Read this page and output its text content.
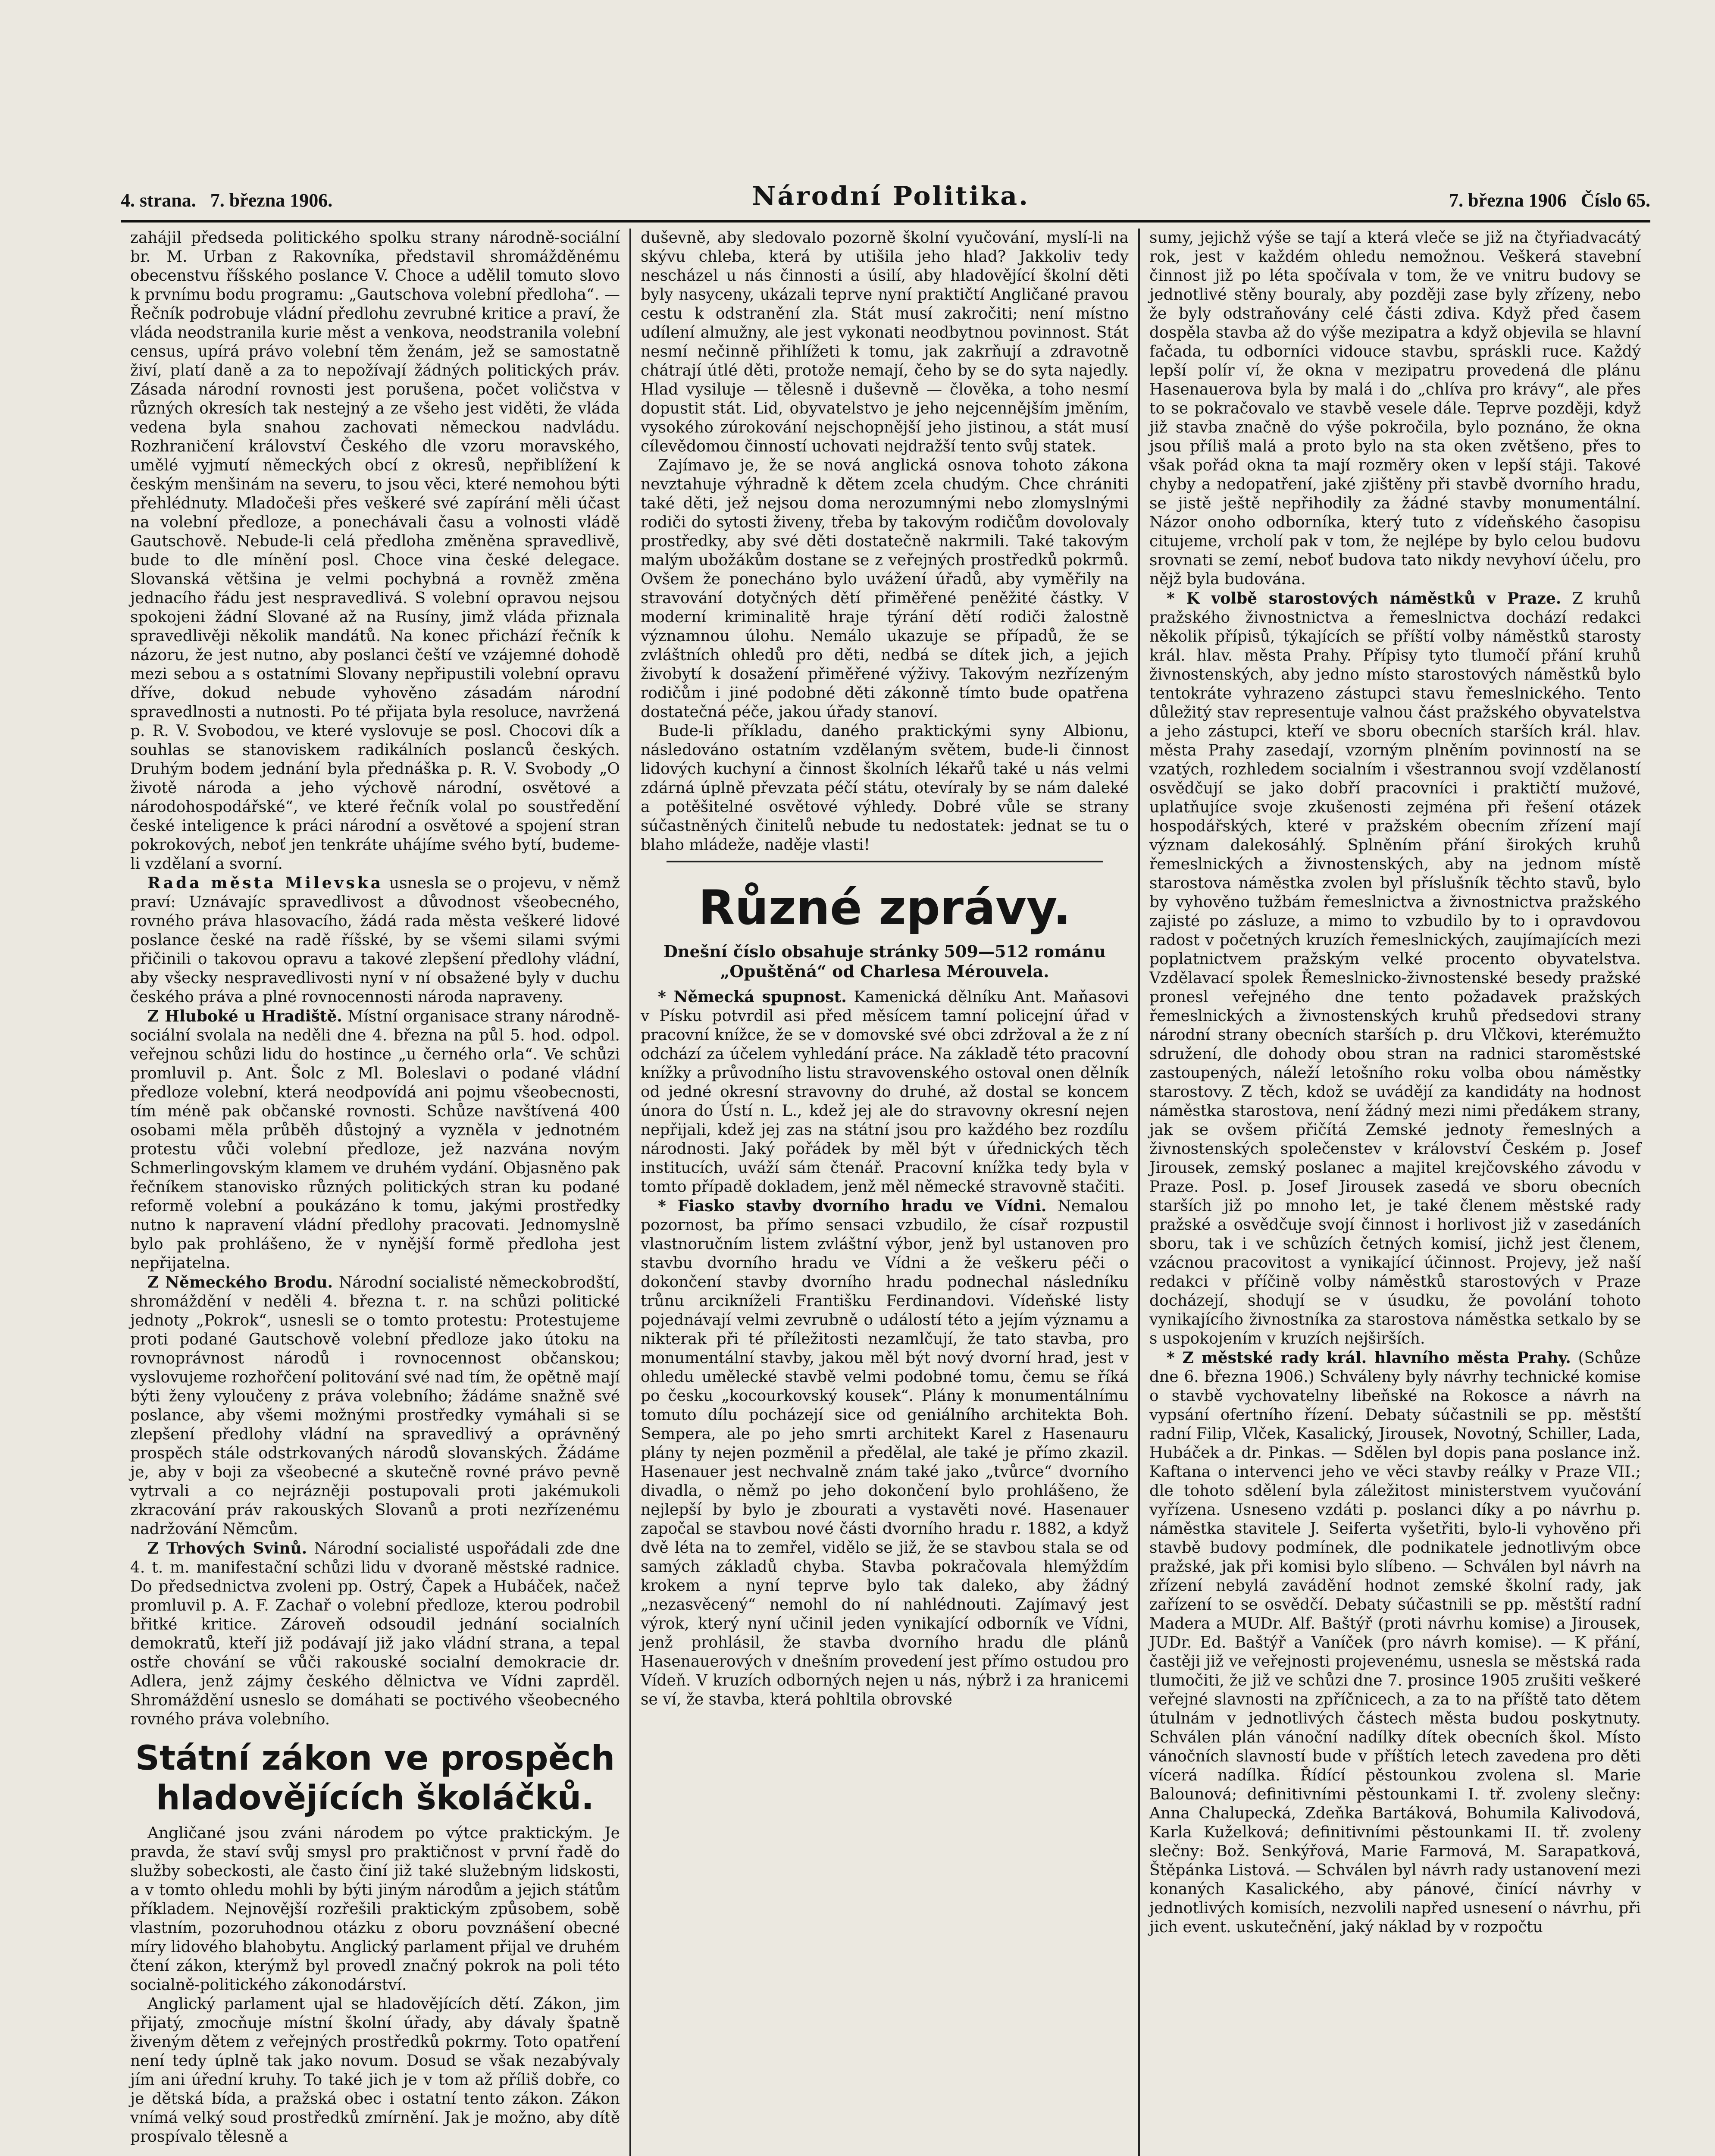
4. strana. 7. března 1906.	Národní Politika.	7. března 1906 Číslo 65.

zahájil předseda politického spolku strany národně-sociální br. M. Urban z Rakovníka, představil shromážděnému obecenstvu říšského poslance V. Choce a udělil tomuto slovo k prvnímu bodu programu: „Gautschova volební předloha“. — Řečník podrobuje vládní předlohu zevrubné kritice a praví, že vláda neodstranila kurie měst a venkova, neodstranila volební census, upírá právo volební těm ženám, jež se samostatně živí, platí daně a za to nepožívají žádných politických práv. Zásada národní rovnosti jest porušena, počet voličstva v různých okresích tak nestejný a ze všeho jest viděti, že vláda vedena byla snahou zachovati německou nadvládu. Rozhraničení království Českého dle vzoru moravského, umělé vyjmutí německých obcí z okresů, nepřiblížení k českým menšinám na severu, to jsou věci, které nemohou býti přehlédnuty. Mladočeši přes veškeré své zapírání měli účast na volební předloze, a ponechávali času a volnosti vládě Gautschově. Nebude-li celá předloha změněna spravedlivě, bude to dle mínění posl. Choce vina české delegace. Slovanská většina je velmi pochybná a rovněž změna jednacího řádu jest nespravedlivá. S volební opravou nejsou spokojeni žádní Slované až na Rusíny, jimž vláda přiznala spravedlivěji několik mandátů. Na konec přichází řečník k názoru, že jest nutno, aby poslanci čeští ve vzájemné dohodě mezi sebou a s ostatními Slovany nepřipustili volební opravu dříve, dokud nebude vyhověno zásadám národní spravedlnosti a nutnosti. Po té přijata byla resoluce, navržená p. R. V. Svobodou, ve které vyslovuje se posl. Chocovi dík a souhlas se stanoviskem radikálních poslanců českých. Druhým bodem jednání byla přednáška p. R. V. Svobody „O životě národa a jeho výchově národní, osvětové a národohospodářské“, ve které řečník volal po soustředění české inteligence k práci národní a osvětové a spojení stran pokrokových, neboť jen tenkráte uhájíme svého bytí, budeme-li vzdělaní a svorní.

Rada města Milevska usnesla se o projevu, v němž praví: Uznávajíc spravedlivost a důvodnost všeobecného, rovného práva hlasovacího, žádá rada města veškeré lidové poslance české na radě říšské, by se všemi silami svými přičinili o takovou opravu a takové zlepšení předlohy vládní, aby všecky nespravedlivosti nyní v ní obsažené byly v duchu českého práva a plné rovnocennosti národa napraveny.

Z Hluboké u Hradiště. Místní organisace strany národně-sociální svolala na neděli dne 4. března na půl 5. hod. odpol. veřejnou schůzi lidu do hostince „u černého orla“. Ve schůzi promluvil p. Ant. Šolc z Ml. Boleslavi o podané vládní předloze volební, která neodpovídá ani pojmu všeobecnosti, tím méně pak občanské rovnosti. Schůze navštívená 400 osobami měla průběh důstojný a vyzněla v jednotném protestu vůči volební předloze, jež nazvána novým Schmerlingovským klamem ve druhém vydání. Objasněno pak řečníkem stanovisko různých politických stran ku podané reformě volební a poukázáno k tomu, jakými prostředky nutno k napravení vládní předlohy pracovati. Jednomyslně bylo pak prohlášeno, že v nynější formě předloha jest nepřijatelna.

Z Německého Brodu. Národní socialisté německobrodští, shromáždění v neděli 4. března t. r. na schůzi politické jednoty „Pokrok“, usnesli se o tomto protestu: Protestujeme proti podané Gautschově volební předloze jako útoku na rovnoprávnost národů i rovnocennost občanskou; vyslovujeme rozhořčení politování své nad tím, že opětně mají býti ženy vyloučeny z práva volebního; žádáme snažně své poslance, aby všemi možnými prostředky vymáhali si se zlepšení předlohy vládní na spravedlivý a oprávněný prospěch stále odstrkovaných národů slovanských. Žádáme je, aby v boji za všeobecné a skutečně rovné právo pevně vytrvali a co nejrázněji postupovali proti jakémukoli zkracování práv rakouských Slovanů a proti nezřízenému nadržování Němcům.

Z Trhových Svinů. Národní socialisté uspořádali zde dne 4. t. m. manifestační schůzi lidu v dvoraně městské radnice. Do předsednictva zvoleni pp. Ostrý, Čapek a Hubáček, načež promluvil p. A. F. Zachař o volební předloze, kterou podrobil břitké kritice. Zároveň odsoudil jednání socialních demokratů, kteří již podávají již jako vládní strana, a tepal ostře chování se vůči rakouské socialní demokracie dr. Adlera, jenž zájmy českého dělnictva ve Vídni zaprděl. Shromáždění usneslo se domáhati se poctivého všeobecného rovného práva volebního.

Státní zákon ve prospěch hladovějících školáčků.

Angličané jsou zváni národem po výtce praktickým. Je pravda, že staví svůj smysl pro praktičnost v první řadě do služby sobeckosti, ale často činí již také služebným lidskosti, a v tomto ohledu mohli by býti jiným národům a jejich státům příkladem. Nejnovější rozřešili praktickým způsobem, sobě vlastním, pozoruhodnou otázku z oboru povznášení obecné míry lidového blahobytu. Anglický parlament přijal ve druhém čtení zákon, kterýmž byl provedl značný pokrok na poli této socialně-politického zákonodárství.

Anglický parlament ujal se hladovějících dětí. Zákon, jim přijatý, zmocňuje místní školní úřady, aby dávaly špatně živeným dětem z veřejných prostředků pokrmy. Toto opatření není tedy úplně tak jako novum. Dosud se však nezabývaly jím ani úřední kruhy. To také jich je v tom až příliš dobře, co je dětská bída, a pražská obec i ostatní tento zákon. Zákon vnímá velký soud prostředků zmírnění. Jak je možno, aby dítě prospívalo tělesně a

duševně, aby sledovalo pozorně školní vyučování, myslí-li na skývu chleba, která by utišila jeho hlad? Jakkoliv tedy nescházel u nás činnosti a úsilí, aby hladovějící školní děti byly nasyceny, ukázali teprve nyní praktičtí Angličané pravou cestu k odstranění zla. Stát musí zakročiti; není místno udílení almužny, ale jest vykonati neodbytnou povinnost. Stát nesmí nečinně přihlížeti k tomu, jak zakrňují a zdravotně chátrají útlé děti, protože nemají, čeho by se do syta najedly. Hlad vysiluje — tělesně i duševně — člověka, a toho nesmí dopustit stát. Lid, obyvatelstvo je jeho nejcennějším jměním, vysokého zúrokování nejschopnější jeho jistinou, a stát musí cílevědomou činností uchovati nejdražší tento svůj statek.

Zajímavo je, že se nová anglická osnova tohoto zákona nevztahuje výhradně k dětem zcela chudým. Chce chrániti také děti, jež nejsou doma nerozumnými nebo zlomyslnými rodiči do sytosti živeny, třeba by takovým rodičům dovolovaly prostředky, aby své děti dostatečně nakrmili. Také takovým malým ubožákům dostane se z veřejných prostředků pokrmů. Ovšem že ponecháno bylo uvážení úřadů, aby vyměřily na stravování dotyčných dětí přiměřené peněžité částky. V moderní kriminalitě hraje týrání dětí rodiči žalostně významnou úlohu. Nemálo ukazuje se případů, že se zvláštních ohledů pro děti, nedbá se dítek jich, a jejich živobytí k dosažení přiměřené výživy. Takovým nezřízeným rodičům i jiné podobné děti zákonně tímto bude opatřena dostatečná péče, jakou úřady stanoví.

Bude-li příkladu, daného praktickými syny Albionu, následováno ostatním vzdělaným světem, bude-li činnost lidových kuchyní a činnost školních lékařů také u nás velmi zdárná úplně převzata péčí státu, otevíraly by se nám daleké a potěšitelné osvětové výhledy. Dobré vůle se strany súčastněných činitelů nebude tu nedostatek: jednat se tu o blaho mládeže, naděje vlasti!

Různé zprávy.
Dnešní číslo obsahuje stránky 509—512 románu „Opuštěná“ od Charlesa Mérouvela.

* Německá spupnost. Kamenická dělníku Ant. Maňasovi v Písku potvrdil asi před měsícem tamní policejní úřad v pracovní knížce, že se v domovské své obci zdržoval a že z ní odchází za účelem vyhledání práce. Na základě této pracovní knížky a průvodního listu stravovenského ostoval onen dělník od jedné okresní stravovny do druhé, až dostal se koncem února do Ústí n. L., kdež jej ale do stravovny okresní nejen nepřijali, kdež jej zas na státní jsou pro každého bez rozdílu národnosti. Jaký pořádek by měl být v úřednických těch institucích, uváží sám čtenář. Pracovní knížka tedy byla v tomto případě dokladem, jenž měl německé stravovně stačiti.

* Fiasko stavby dvorního hradu ve Vídni. Nemalou pozornost, ba přímo sensaci vzbudilo, že císař rozpustil vlastnoručním listem zvláštní výbor, jenž byl ustanoven pro stavbu dvorního hradu ve Vídni a že veškeru péči o dokončení stavby dvorního hradu podnechal následníku trůnu arcikníželi Františku Ferdinandovi. Vídeňské listy pojednávají velmi zevrubně o událostí této a jejím významu a nikterak při té příležitosti nezamlčují, že tato stavba, pro monumentální stavby, jakou měl být nový dvorní hrad, jest v ohledu umělecké stavbě velmi podobné tomu, čemu se říká po česku „kocourkovský kousek“. Plány k monumentálnímu tomuto dílu pocházejí sice od geniálního architekta Boh. Sempera, ale po jeho smrti architekt Karel z Hasenauru plány ty nejen pozměnil a předělal, ale také je přímo zkazil. Hasenauer jest nechvalně znám také jako „tvůrce“ dvorního divadla, o němž po jeho dokončení bylo prohlášeno, že nejlepší by bylo je zbourati a vystavěti nové. Hasenauer započal se stavbou nové části dvorního hradu r. 1882, a když dvě léta na to zemřel, vidělo se již, že se stavbou stala se od samých základů chyba. Stavba pokračovala hlemýždím krokem a nyní teprve bylo tak daleko, aby žádný „nezasvěcený“ nemohl do ní nahlédnouti. Zajímavý jest výrok, který nyní učinil jeden vynikající odborník ve Vídni, jenž prohlásil, že stavba dvorního hradu dle plánů Hasenauerových v dnešním provedení jest přímo ostudou pro Vídeň. V kruzích odborných nejen u nás, nýbrž i za hranicemi se ví, že stavba, která pohltila obrovské

sumy, jejichž výše se tají a která vleče se již na čtyřiadvacátý rok, jest v každém ohledu nemožnou. Veškerá stavební činnost již po léta spočívala v tom, že ve vnitru budovy se jednotlivé stěny bouraly, aby později zase byly zřízeny, nebo že byly odstraňovány celé části zdiva. Když před časem dospěla stavba až do výše mezipatra a když objevila se hlavní fačada, tu odborníci vidouce stavbu, spráskli ruce. Každý lepší polír ví, že okna v mezipatru provedená dle plánu Hasenauerova byla by malá i do „chlíva pro krávy“, ale přes to se pokračovalo ve stavbě vesele dále. Teprve později, když již stavba značně do výše pokročila, bylo poznáno, že okna jsou příliš malá a proto bylo na sta oken zvětšeno, přes to však pořád okna ta mají rozměry oken v lepší stáji. Takové chyby a nedopatření, jaké zjištěny při stavbě dvorního hradu, se jistě ještě nepřihodily za žádné stavby monumentální. Názor onoho odborníka, který tuto z vídeňského časopisu citujeme, vrcholí pak v tom, že nejlépe by bylo celou budovu srovnati se zemí, neboť budova tato nikdy nevyhoví účelu, pro nějž byla budována.

* K volbě starostových náměstků v Praze. Z kruhů pražského živnostnictva a řemeslnictva dochází redakci několik přípisů, týkajících se příští volby náměstků starosty král. hlav. města Prahy. Přípisy tyto tlumočí přání kruhů živnostenských, aby jedno místo starostových náměstků bylo tentokráte vyhrazeno zástupci stavu řemeslnického. Tento důležitý stav representuje valnou část pražského obyvatelstva a jeho zástupci, kteří ve sboru obecních starších král. hlav. města Prahy zasedají, vzorným plněním povinností na se vzatých, rozhledem socialním i všestrannou svojí vzdělaností osvědčují se jako dobří pracovníci i praktičtí mužové, uplatňujíce svoje zkušenosti zejména při řešení otázek hospodářských, které v pražském obecním zřízení mají význam dalekosáhlý. Splněním přání širokých kruhů řemeslnických a živnostenských, aby na jednom místě starostova náměstka zvolen byl příslušník těchto stavů, bylo by vyhověno tužbám řemeslnictva a živnostnictva pražského zajisté po zásluze, a mimo to vzbudilo by to i opravdovou radost v početných kruzích řemeslnických, zaujímajících mezi poplatnictvem pražským velké procento obyvatelstva. Vzdělavací spolek Řemeslnicko-živnostenské besedy pražské pronesl veřejného dne tento požadavek pražských řemeslnických a živnostenských kruhů předsedovi strany národní strany obecních starších p. dru Vlčkovi, kterémužto sdružení, dle dohody obou stran na radnici staroměstské zastoupených, náleží letošního roku volba obou náměstky starostovy. Z těch, kdož se uvádějí za kandidáty na hodnost náměstka starostova, není žádný mezi nimi předákem strany, jak se ovšem přičítá Zemské jednoty řemeslných a živnostenských společenstev v království Českém p. Josef Jirousek, zemský poslanec a majitel krejčovského závodu v Praze. Posl. p. Josef Jirousek zasedá ve sboru obecních starších již po mnoho let, je také členem městské rady pražské a osvědčuje svojí činnost i horlivost již v zasedáních sboru, tak i ve schůzích četných komisí, jichž jest členem, vzácnou pracovitost a vynikající účinnost. Projevy, jež naší redakci v příčině volby náměstků starostových v Praze docházejí, shodují se v úsudku, že povolání tohoto vynikajícího živnostníka za starostova náměstka setkalo by se s uspokojením v kruzích nejširších.

* Z městské rady král. hlavního města Prahy. (Schůze dne 6. března 1906.) Schváleny byly návrhy technické komise o stavbě vychovatelny libeňské na Rokosce a návrh na vypsání ofertního řízení. Debaty súčastnili se pp. městští radní Filip, Vlček, Kasalický, Jirousek, Novotný, Schiller, Lada, Hubáček a dr. Pinkas. — Sdělen byl dopis pana poslance inž. Kaftana o intervenci jeho ve věci stavby reálky v Praze VII.; dle tohoto sdělení byla záležitost ministerstvem vyučování vyřízena. Usneseno vzdáti p. poslanci díky a po návrhu p. náměstka stavitele J. Seiferta vyšetřiti, bylo-li vyhověno při stavbě budovy podmínek, dle podnikatele jednotlivým obce pražské, jak při komisi bylo slíbeno. — Schválen byl návrh na zřízení nebylá zavádění hodnot zemské školní rady, jak zařízení to se osvědčí. Debaty súčastnili se pp. městští radní Madera a MUDr. Alf. Baštýř (proti návrhu komise) a Jirousek, JUDr. Ed. Baštýř a Vaníček (pro návrh komise). — K přání, častěji již ve veřejnosti projevenému, usnesla se městská rada tlumočiti, že již ve schůzi dne 7. prosince 1905 zrušiti veškeré veřejné slavnosti na zpříčnicech, a za to na příště tato dětem útulnám v jednotlivých částech města budou poskytnuty. Schválen plán vánoční nadílky dítek obecních škol. Místo vánočních slavností bude v příštích letech zavedena pro děti vícerá nadílka. Řídící pěstounkou zvolena sl. Marie Balounová; definitivními pěstounkami I. tř. zvoleny slečny: Anna Chalupecká, Zdeňka Bartáková, Bohumila Kalivodová, Karla Kuželková; definitivními pěstounkami II. tř. zvoleny slečny: Bož. Senkýřová, Marie Farmová, M. Sarapatková, Štěpánka Listová. — Schválen byl návrh rady ustanovení mezi konaných Kasalického, aby pánové, činící návrhy v jednotlivých komisích, nezvolili napřed usnesení o návrhu, při jich event. uskutečnění, jaký náklad by v rozpočtu
